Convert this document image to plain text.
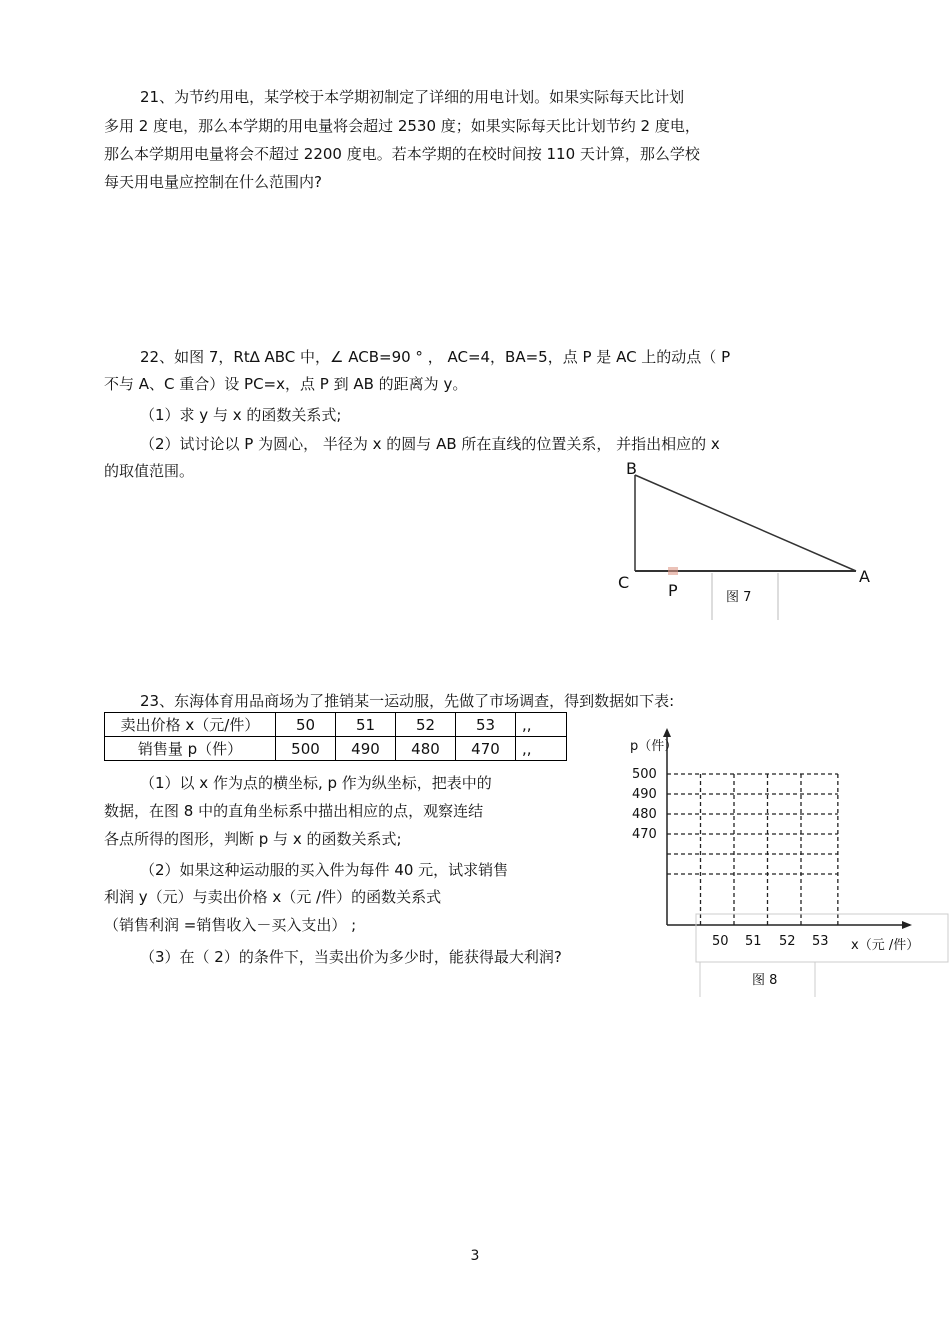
21、为节约用电，某学校于本学期初制定了详细的用电计划。如果实际每天比计划
多用 2 度电，那么本学期的用电量将会超过 2530 度；如果实际每天比计划节约 2 度电，
那么本学期用电量将会不超过 2200 度电。若本学期的在校时间按 110 天计算，那么学校
每天用电量应控制在什么范围内?
22、如图 7，Rt∆ ABC 中，∠ ACB=90 ° ， AC=4，BA=5，点 P 是 AC 上的动点（ P
不与 A、C 重合）设 PC=x，点 P 到 AB 的距离为 y。
（1）求 y 与 x 的函数关系式;
（2）试讨论以 P 为圆心， 半径为 x 的圆与 AB 所在直线的位置关系， 并指出相应的 x
的取值范围。	B
C	A
P	图 7
23、东海体育用品商场为了推销某一运动服，先做了市场调查，得到数据如下表:
卖出价格 x（元/件）	50	51	52	53	,,
销售量 p（件）	500	490	480	470	,,
（1）以 x 作为点的横坐标, p 作为纵坐标，把表中的
数据，在图 8 中的直角坐标系中描出相应的点，观察连结
各点所得的图形，判断 p 与 x 的函数关系式;
（2）如果这种运动服的买入件为每件 40 元，试求销售
利润 y（元）与卖出价格 x（元 /件）的函数关系式
（销售利润 =销售收入－买入支出） ;
（3）在（ 2）的条件下，当卖出价为多少时，能获得最大利润?
p（件）
500
490
480
470
50 51 52 53 x（元 /件）
图 8
3
